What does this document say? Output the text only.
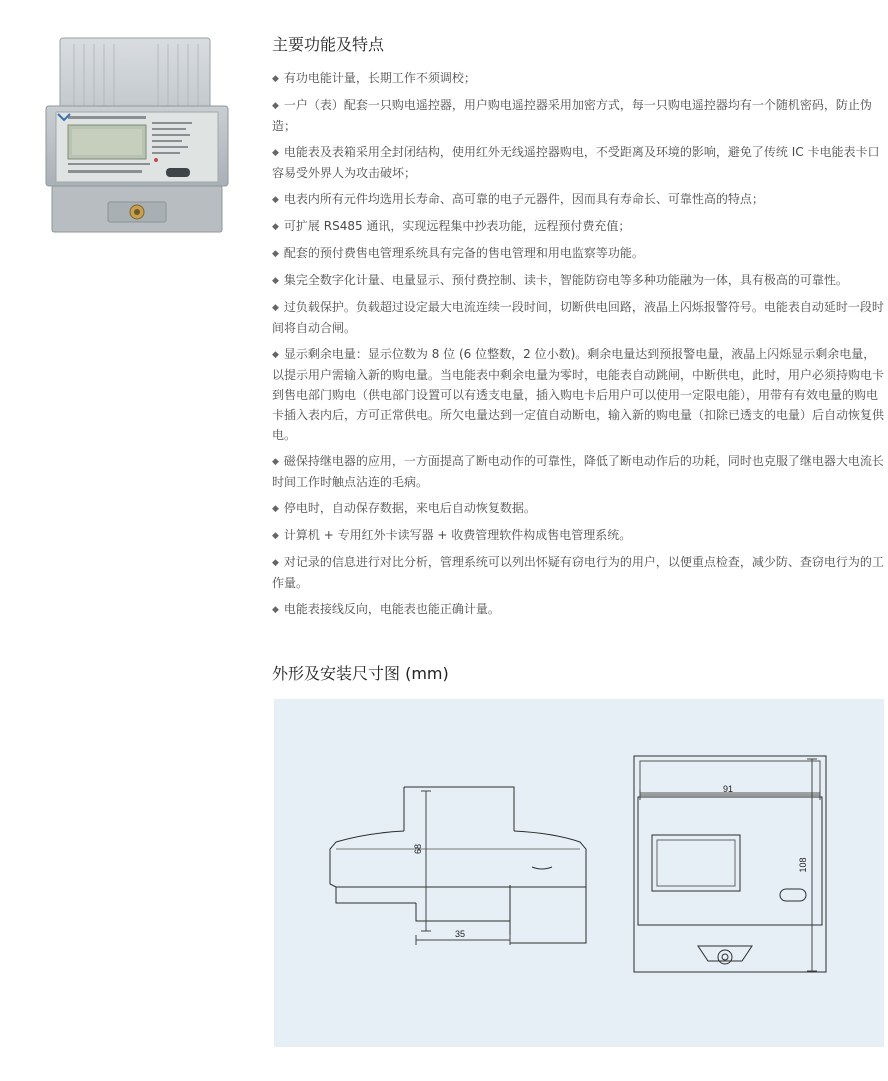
主要功能及特点
◆ 有功电能计量，长期工作不须调校；
◆ 一户（表）配套一只购电遥控器，用户购电遥控器采用加密方式，每一只购电遥控器均有一个随机密码，防止伪造；
◆ 电能表及表箱采用全封闭结构，使用红外无线遥控器购电，不受距离及环境的影响，避免了传统 IC 卡电能表卡口容易受外界人为攻击破坏；
◆ 电表内所有元件均选用长寿命、高可靠的电子元器件，因而具有寿命长、可靠性高的特点；
◆ 可扩展 RS485 通讯，实现远程集中抄表功能，远程预付费充值；
◆ 配套的预付费售电管理系统具有完备的售电管理和用电监察等功能。
◆ 集完全数字化计量、电量显示、预付费控制、读卡，智能防窃电等多种功能融为一体，具有极高的可靠性。
◆ 过负载保护。负载超过设定最大电流连续一段时间，切断供电回路，液晶上闪烁报警符号。电能表自动延时一段时间将自动合闸。
◆ 显示剩余电量：显示位数为 8 位 (6 位整数，2 位小数)。剩余电量达到预报警电量，液晶上闪烁显示剩余电量，以提示用户需输入新的购电量。当电能表中剩余电量为零时，电能表自动跳闸，中断供电，此时，用户必须持购电卡到售电部门购电（供电部门设置可以有透支电量，插入购电卡后用户可以使用一定限电能），用带有有效电量的购电卡插入表内后，方可正常供电。所欠电量达到一定值自动断电，输入新的购电量（扣除已透支的电量）后自动恢复供电。
◆ 磁保持继电器的应用，一方面提高了断电动作的可靠性，降低了断电动作后的功耗，同时也克服了继电器大电流长时间工作时触点沾连的毛病。
◆ 停电时，自动保存数据，来电后自动恢复数据。
◆ 计算机 + 专用红外卡读写器 + 收费管理软件构成售电管理系统。
◆ 对记录的信息进行对比分析，管理系统可以列出怀疑有窃电行为的用户，以便重点检查，减少防、查窃电行为的工作量。
◆ 电能表接线反向，电能表也能正确计量。
外形及安装尺寸图 (mm)
68
35
91
108
